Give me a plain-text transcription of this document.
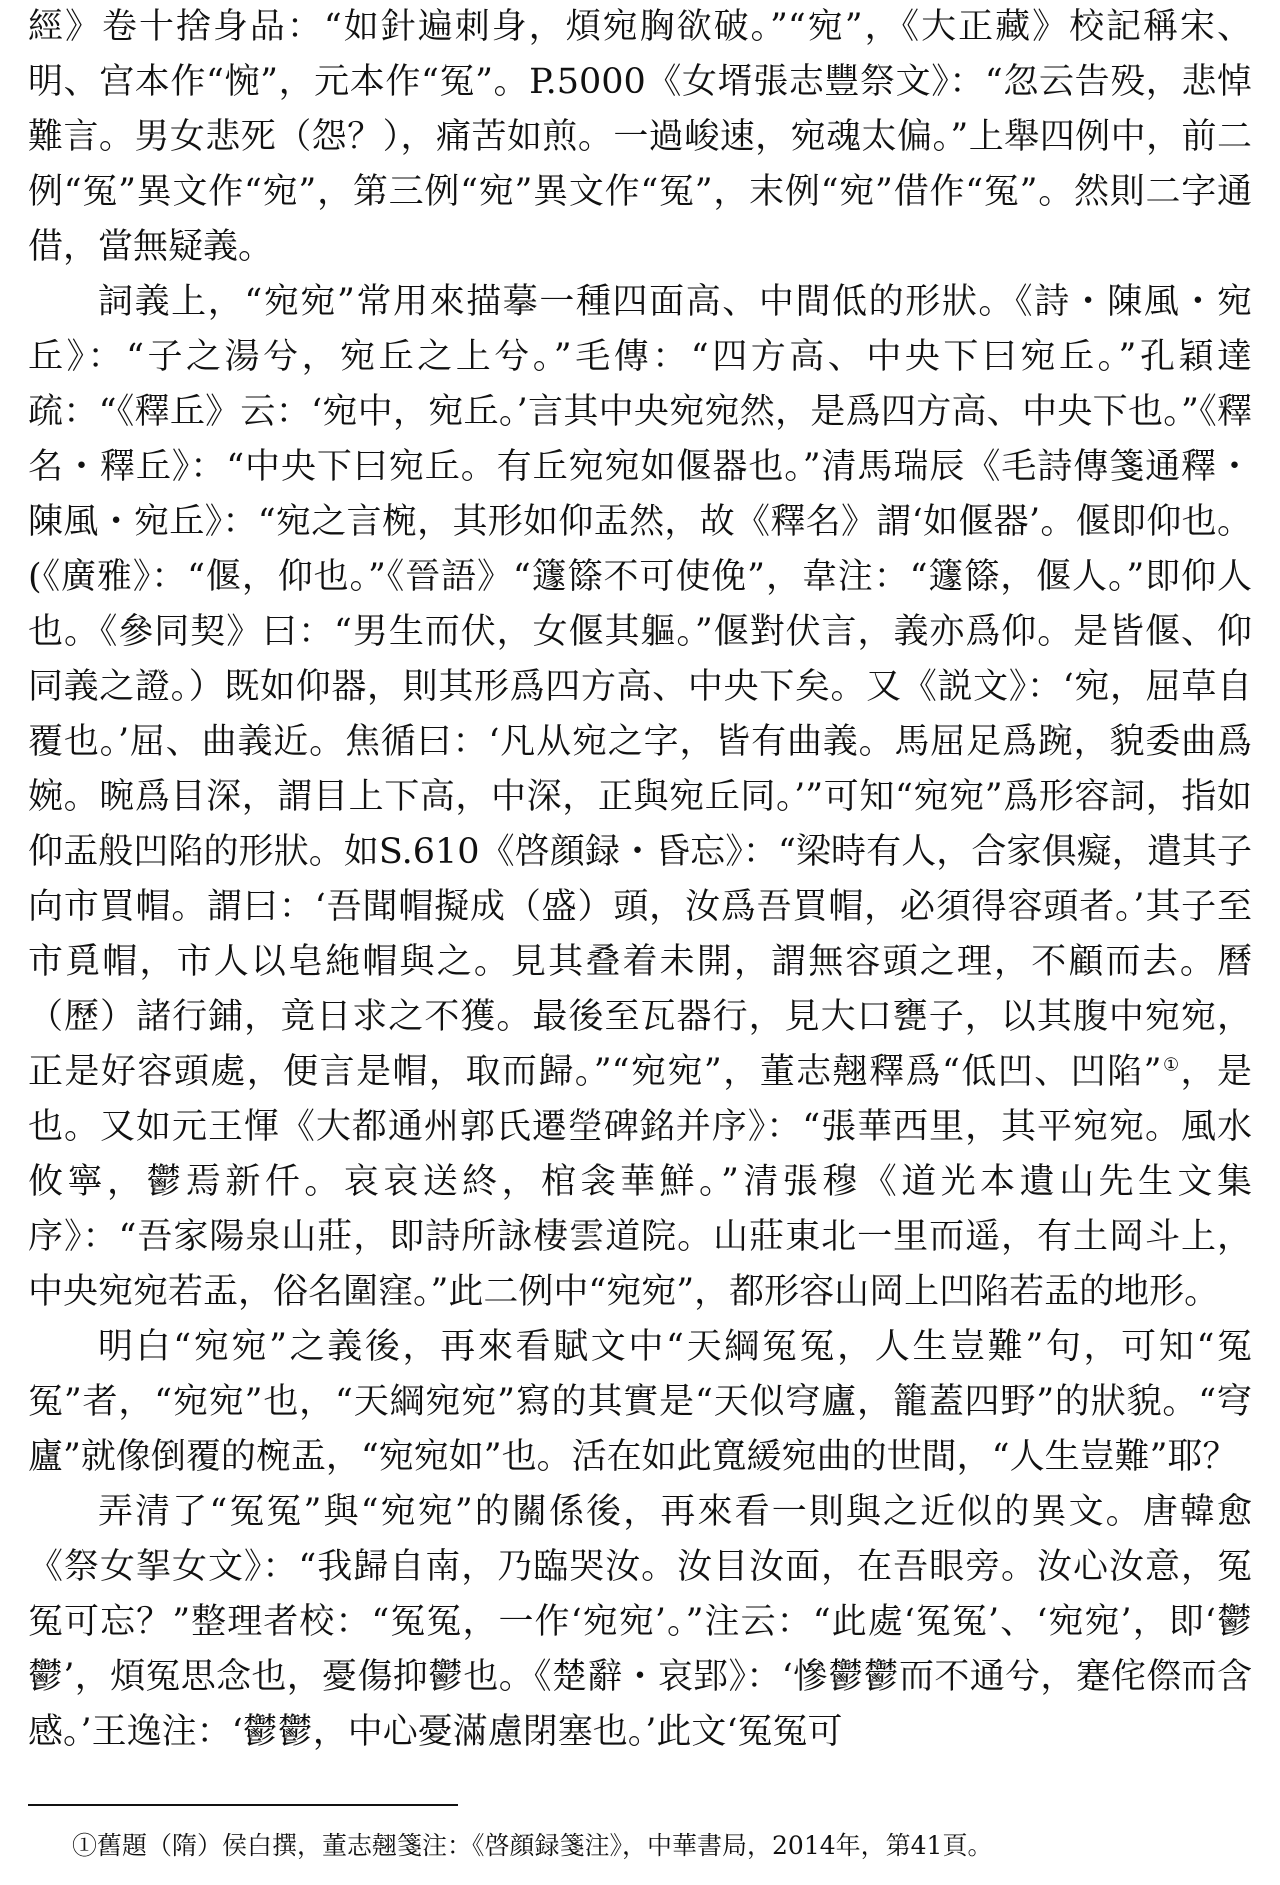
經》卷十捨身品：“如針遍刺身，煩宛胸欲破。”“宛”，《大正藏》校記稱宋、明、宫本作“惋”，元本作“冤”。P.5000《女壻張志豐祭文》：“忽云告殁，悲悼難言。男女悲死（怨？），痛苦如煎。一過峻速，宛魂太偏。”上舉四例中，前二例“冤”異文作“宛”，第三例“宛”異文作“冤”，末例“宛”借作“冤”。然則二字通借，當無疑義。

詞義上，“宛宛”常用來描摹一種四面高、中間低的形狀。《詩・陳風・宛丘》：“子之湯兮，宛丘之上兮。”毛傳：“四方高、中央下曰宛丘。”孔穎達疏：“《釋丘》云：‘宛中，宛丘。’言其中央宛宛然，是爲四方高、中央下也。”《釋名・釋丘》：“中央下曰宛丘。有丘宛宛如偃器也。”清馬瑞辰《毛詩傳箋通釋・陳風・宛丘》：“宛之言椀，其形如仰盂然，故《釋名》謂‘如偃器’。偃即仰也。(《廣雅》：“偃，仰也。”《晉語》“籧篨不可使俛”，韋注：“籧篨，偃人。”即仰人也。《參同契》曰：“男生而伏，女偃其軀。”偃對伏言，義亦爲仰。是皆偃、仰同義之證。）既如仰器，則其形爲四方高、中央下矣。又《説文》：‘宛，屈草自覆也。’屈、曲義近。焦循曰：‘凡从宛之字，皆有曲義。馬屈足爲踠，貌委曲爲婉。晼爲目深，謂目上下高，中深，正與宛丘同。’”可知“宛宛”爲形容詞，指如仰盂般凹陷的形狀。如S.610《啓顔録・昏忘》：“梁時有人，合家俱癡，遣其子向市買帽。謂曰：‘吾聞帽擬成（盛）頭，汝爲吾買帽，必須得容頭者。’其子至市覓帽，市人以皂絁帽與之。見其叠着未開，謂無容頭之理，不顧而去。曆（歷）諸行鋪，竟日求之不獲。最後至瓦器行，見大口甕子，以其腹中宛宛，正是好容頭處，便言是帽，取而歸。”“宛宛”，董志翹釋爲“低凹、凹陷”①，是也。又如元王惲《大都通州郭氏遷塋碑銘并序》：“張華西里，其平宛宛。風水攸寧，鬱焉新仟。哀哀送終，棺衾華鮮。”清張穆《道光本遺山先生文集序》：“吾家陽泉山莊，即詩所詠棲雲道院。山莊東北一里而遥，有土岡斗上，中央宛宛若盂，俗名圍窪。”此二例中“宛宛”，都形容山岡上凹陷若盂的地形。

明白“宛宛”之義後，再來看賦文中“天綱冤冤，人生豈難”句，可知“冤冤”者，“宛宛”也，“天綱宛宛”寫的其實是“天似穹廬，籠蓋四野”的狀貌。“穹廬”就像倒覆的椀盂，“宛宛如”也。活在如此寬緩宛曲的世間，“人生豈難”耶？

弄清了“冤冤”與“宛宛”的關係後，再來看一則與之近似的異文。唐韓愈《祭女挐女文》：“我歸自南，乃臨哭汝。汝目汝面，在吾眼旁。汝心汝意，冤冤可忘？”整理者校：“冤冤，一作‘宛宛’。”注云：“此處‘冤冤’、‘宛宛’，即‘鬱鬱’，煩冤思念也，憂傷抑鬱也。《楚辭・哀郢》：‘慘鬱鬱而不通兮，蹇侘傺而含感。’王逸注：‘鬱鬱，中心憂滿慮閉塞也。’此文‘冤冤可

①舊題（隋）侯白撰，董志翹箋注：《啓顔録箋注》，中華書局，2014年，第41頁。
